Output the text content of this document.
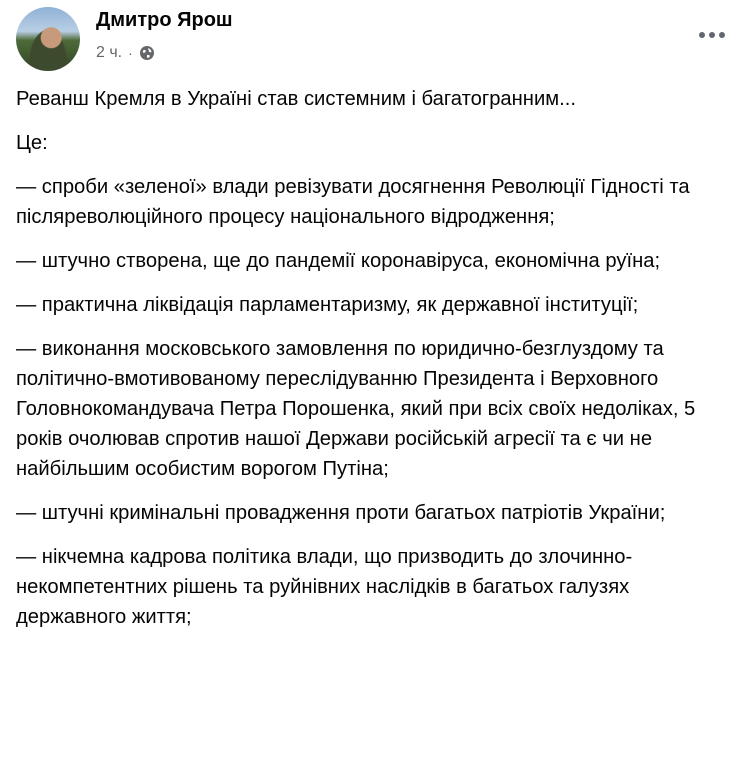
Дмитро Ярош
2 ч. ·

Реванш Кремля в Україні став системним і багатогранним...

Це:

— спроби «зеленої» влади ревізувати досягнення Революції Гідності та післяреволюційного процесу національного відродження;

— штучно створена, ще до пандемії коронавіруса, економічна руїна;

— практична ліквідація парламентаризму, як державної інституції;

— виконання московського замовлення по юридично-безглуздому та політично-вмотивованому переслідуванню Президента і Верховного Головнокомандувача Петра Порошенка, який при всіх своїх недоліках, 5 років очолював спротив нашої Держави російській агресії та є чи не найбільшим особистим ворогом Путіна;

— штучні кримінальні провадження проти багатьох патріотів України;

— нікчемна кадрова політика влади, що призводить до злочинно-некомпетентних рішень та руйнівних наслідків в багатьох галузях державного життя;
